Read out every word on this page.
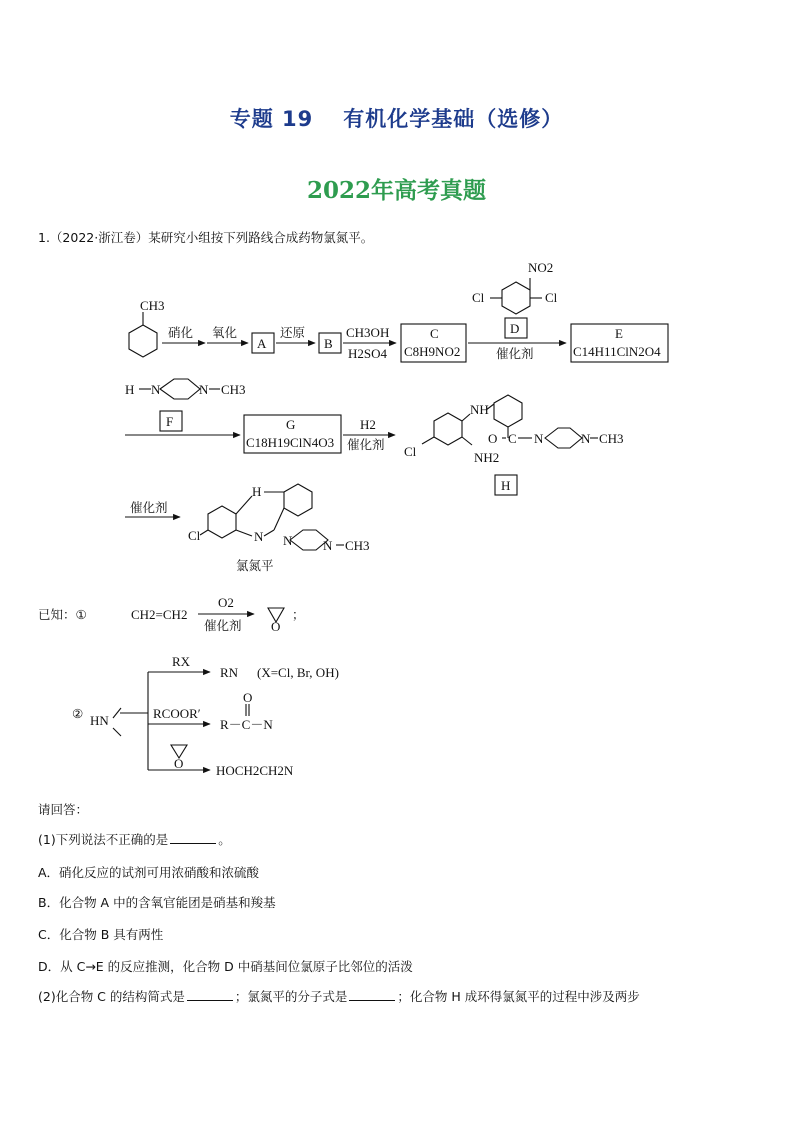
专题 19 有机化学基础（选修）
2022年高考真题
1.（2022·浙江卷）某研究小组按下列路线合成药物氯氮平。
CH3
硝化 氧化
A
还原
B
CH3OH
H2SO4
C
C8H9NO2
NO2
Cl	Cl
D
催化剂
E
C14H11ClN2O4
H N	N CH3
F	G
C18H19ClN4O3
H2
催化剂
NH
Cl	NH2
O C N	N CH3
H
催化剂
H
Cl	N N N CH3
氯氮平
已知：①	CH2=CH2
O2
催化剂 O
；
② HN
RX
RN (X=Cl, Br, OH)
RCOOR′
O
R－C－N
O	HOCH2CH2N
请回答：
(1)下列说法不正确的是	。
A．硝化反应的试剂可用浓硝酸和浓硫酸
B．化合物 A 中的含氧官能团是硝基和羧基
C．化合物 B 具有两性
D．从 C→E 的反应推测，化合物 D 中硝基间位氯原子比邻位的活泼
(2)化合物 C 的结构简式是	；氯氮平的分子式是	；化合物 H 成环得氯氮平的过程中涉及两步
